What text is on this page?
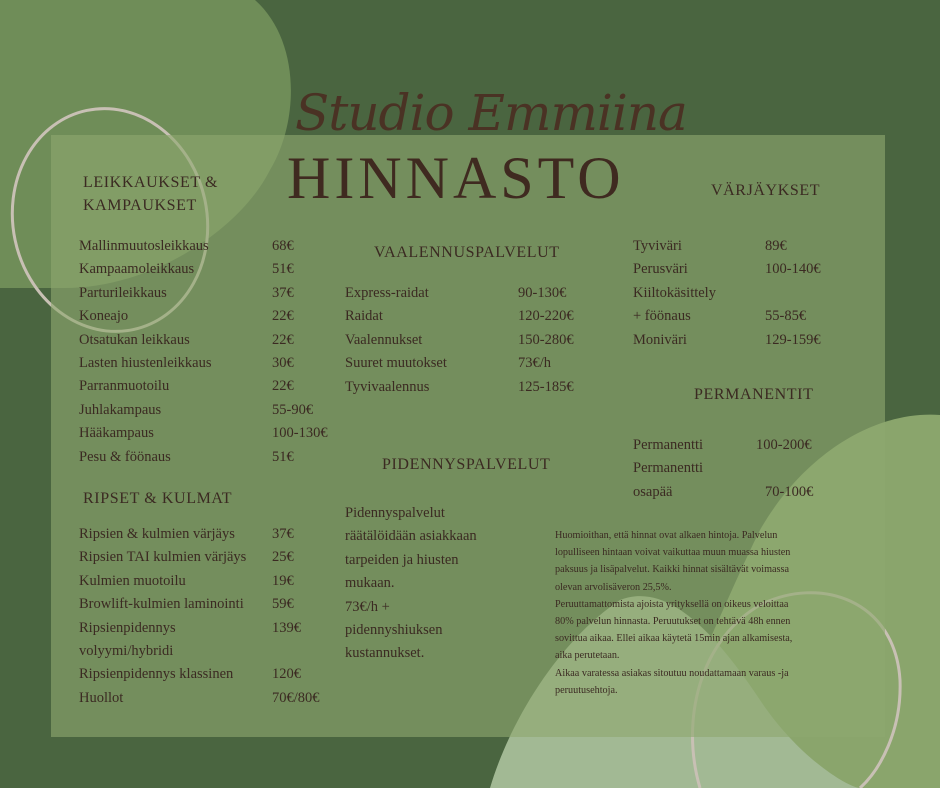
Studio Emmiina
HINNASTO
LEIKKAUKSET &
KAMPAUKSET
Mallinmuutosleikkaus	68€
Kampaamoleikkaus	51€
Parturileikkaus	37€
Koneajo	22€
Otsatukan leikkaus	22€
Lasten hiustenleikkaus	30€
Parranmuotoilu	22€
Juhlakampaus	55-90€
Hääkampaus	100-130€
Pesu & föönaus	51€
RIPSET & KULMAT
Ripsien & kulmien värjäys	37€
Ripsien TAI kulmien värjäys 25€
Kulmien muotoilu	19€
Browlift-kulmien laminointi 59€
Ripsienpidennys	139€
volyymi/hybridi
Ripsienpidennys klassinen	120€
Huollot	70€/80€
VAALENNUSPALVELUT
Express-raidat	90-130€
Raidat	120-220€
Vaalennukset	150-280€
Suuret muutokset	73€/h
Tyvivaalennus	125-185€
PIDENNYSPALVELUT
Pidennyspalvelut
räätälöidään asiakkaan
tarpeiden ja hiusten
mukaan.
73€/h +
pidennyshiuksen
kustannukset.
VÄRJÄYKSET
Tyviväri	89€
Perusväri	100-140€
Kiiltokäsittely
+ föönaus	55-85€
Moniväri	129-159€
PERMANENTIT
Permanentti	100-200€
Permanentti
osapää	70-100€

Huomioithan, että hinnat ovat alkaen hintoja. Palvelun

lopulliseen hintaan voivat vaikuttaa muun muassa hiusten

paksuus ja lisäpalvelut. Kaikki hinnat sisältävät voimassa

olevan arvolisäveron 25,5%.

Peruuttamattomista ajoista yrityksellä on oikeus veloittaa

80% palvelun hinnasta. Peruutukset on tehtävä 48h ennen

sovittua aikaa. Ellei aikaa käytetä 15min ajan alkamisesta,

aika perutetaan.

Aikaa varatessa asiakas sitoutuu noudattamaan varaus -ja

peruutusehtoja.
